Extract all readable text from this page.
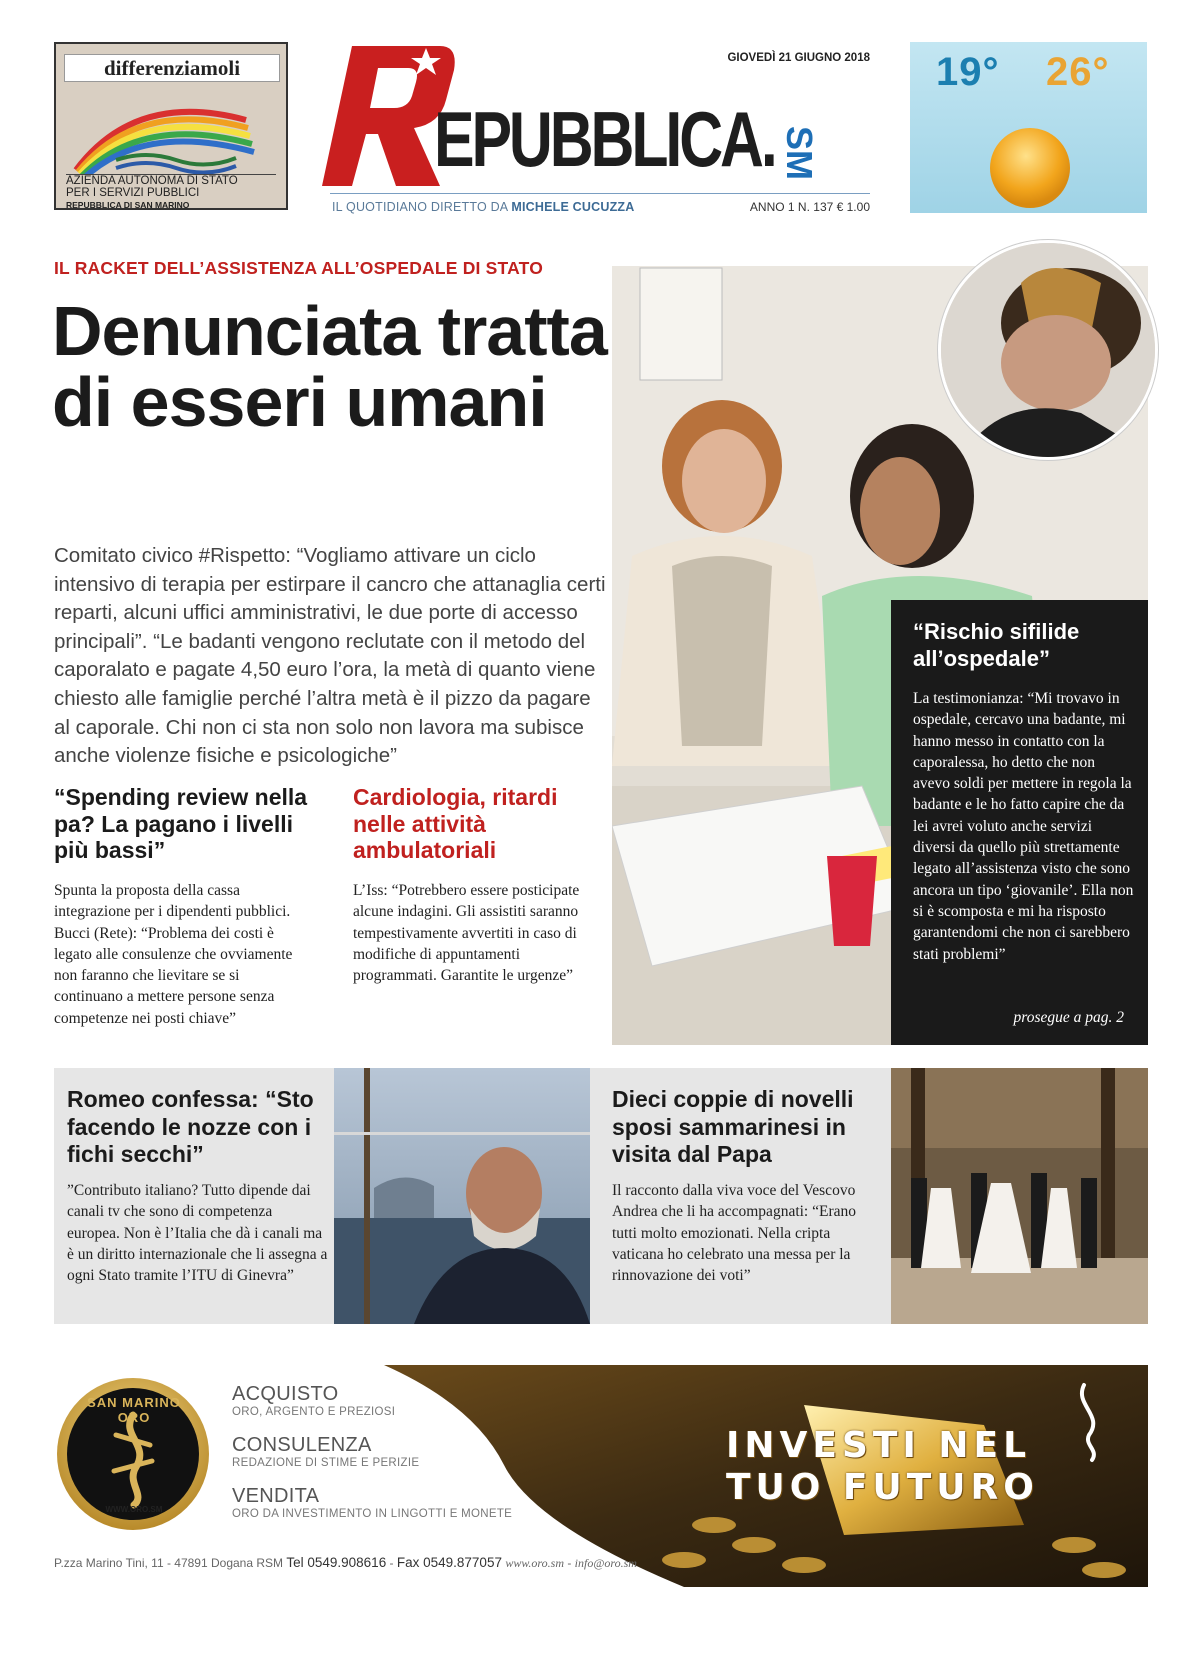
differenziamoli
AZIENDA AUTONOMA DI STATO
PER I SERVIZI PUBBLICI
REPUBBLICA DI SAN MARINO
GIOVEDÌ 21 GIUGNO 2018
R EPUBBLICA. SM
IL QUOTIDIANO DIRETTO DA MICHELE CUCUZZA	ANNO 1 N. 137 € 1.00
19° 26°
IL RACKET DELL’ASSISTENZA ALL’OSPEDALE DI STATO
Denunciata tratta di esseri umani
Comitato civico #Rispetto: “Vogliamo attivare un ciclo intensivo di terapia per estirpare il cancro che attanaglia certi reparti, alcuni uffici amministrativi, le due porte di accesso principali”. “Le badanti vengono reclutate con il metodo del caporalato e pagate 4,50 euro l’ora, la metà di quanto viene chiesto alle famiglie perché l’altra metà è il pizzo da pagare al caporale. Chi non ci sta non solo non lavora ma subisce anche violenze fisiche e psicologiche”
“Spending review nella pa? La pagano i livelli più bassi”
Spunta la proposta della cassa integrazione per i dipendenti pubblici. Bucci (Rete): “Problema dei costi è legato alle consulenze che ovviamente non faranno che lievitare se si continuano a mettere persone senza competenze nei posti chiave”
Cardiologia, ritardi nelle attività ambulatoriali
L’Iss: “Potrebbero essere posticipate alcune indagini. Gli assistiti saranno tempestivamente avvertiti in caso di modifiche di appuntamenti programmati. Garantite le urgenze”
“Rischio sifilide all’ospedale”
La testimonianza: “Mi trovavo in ospedale, cercavo una badante, mi hanno messo in contatto con la caporalessa, ho detto che non avevo soldi per mettere in regola la badante e le ho fatto capire che da lei avrei voluto anche servizi diversi da quello più strettamente legato all’assistenza visto che sono ancora un tipo ‘giovanile’. Ella non si è scomposta e mi ha risposto garantendomi che non ci sarebbero stati problemi”
prosegue a pag. 2
Romeo confessa: “Sto facendo le nozze con i fichi secchi”
”Contributo italiano? Tutto dipende dai canali tv che sono di competenza europea. Non è l’Italia che dà i canali ma è un diritto internazionale che li assegna a ogni Stato tramite l’ITU di Ginevra”
Dieci coppie di novelli sposi sammarinesi in visita dal Papa
Il racconto dalla viva voce del Vescovo Andrea che li ha accompagnati: “Erano tutti molto emozionati. Nella cripta vaticana ho celebrato una messa per la rinnovazione dei voti”
SAN MARINO ORO
WWW.ORO.SM
ACQUISTO
ORO, ARGENTO E PREZIOSI
CONSULENZA
REDAZIONE DI STIME E PERIZIE
VENDITA
ORO DA INVESTIMENTO IN LINGOTTI E MONETE
INVESTI NEL
TUO FUTURO
P.zza Marino Tini, 11 - 47891 Dogana RSM Tel 0549.908616 - Fax 0549.877057 www.oro.sm - info@oro.sm
